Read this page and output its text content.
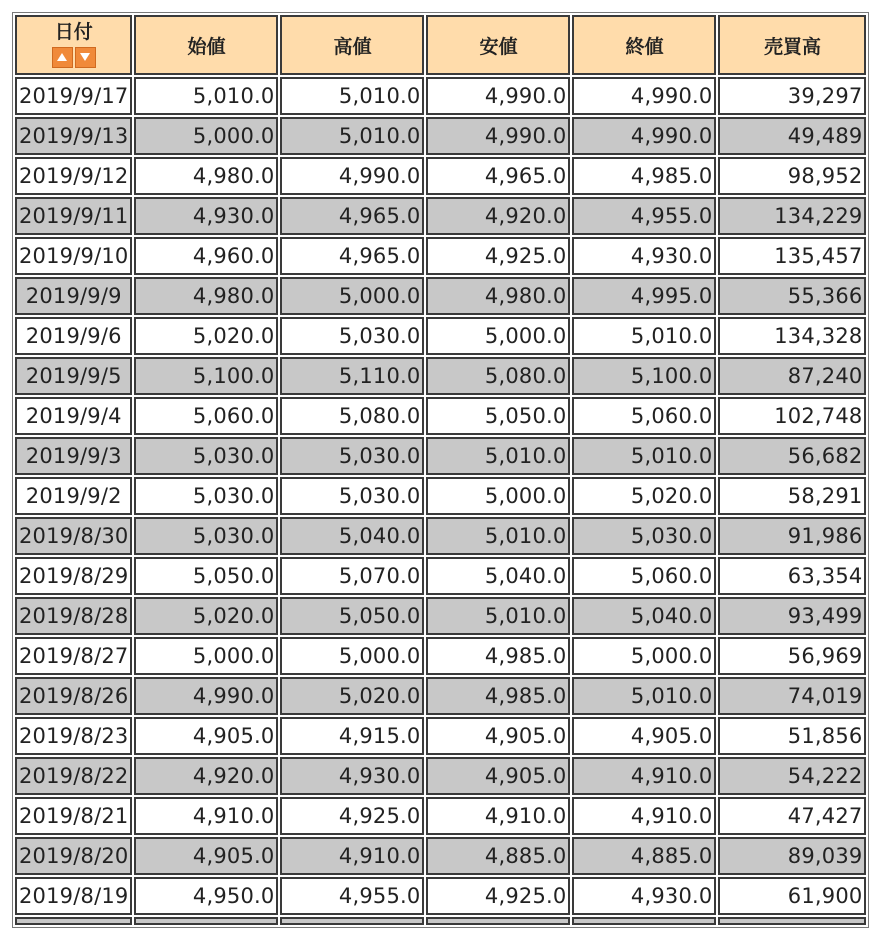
日付	始値	高値	安値	終値	売買高
2019/9/17	5,010.0	5,010.0	4,990.0	4,990.0	39,297
2019/9/13	5,000.0	5,010.0	4,990.0	4,990.0	49,489
2019/9/12	4,980.0	4,990.0	4,965.0	4,985.0	98,952
2019/9/11	4,930.0	4,965.0	4,920.0	4,955.0	134,229
2019/9/10	4,960.0	4,965.0	4,925.0	4,930.0	135,457
2019/9/9	4,980.0	5,000.0	4,980.0	4,995.0	55,366
2019/9/6	5,020.0	5,030.0	5,000.0	5,010.0	134,328
2019/9/5	5,100.0	5,110.0	5,080.0	5,100.0	87,240
2019/9/4	5,060.0	5,080.0	5,050.0	5,060.0	102,748
2019/9/3	5,030.0	5,030.0	5,010.0	5,010.0	56,682
2019/9/2	5,030.0	5,030.0	5,000.0	5,020.0	58,291
2019/8/30	5,030.0	5,040.0	5,010.0	5,030.0	91,986
2019/8/29	5,050.0	5,070.0	5,040.0	5,060.0	63,354
2019/8/28	5,020.0	5,050.0	5,010.0	5,040.0	93,499
2019/8/27	5,000.0	5,000.0	4,985.0	5,000.0	56,969
2019/8/26	4,990.0	5,020.0	4,985.0	5,010.0	74,019
2019/8/23	4,905.0	4,915.0	4,905.0	4,905.0	51,856
2019/8/22	4,920.0	4,930.0	4,905.0	4,910.0	54,222
2019/8/21	4,910.0	4,925.0	4,910.0	4,910.0	47,427
2019/8/20	4,905.0	4,910.0	4,885.0	4,885.0	89,039
2019/8/19	4,950.0	4,955.0	4,925.0	4,930.0	61,900
